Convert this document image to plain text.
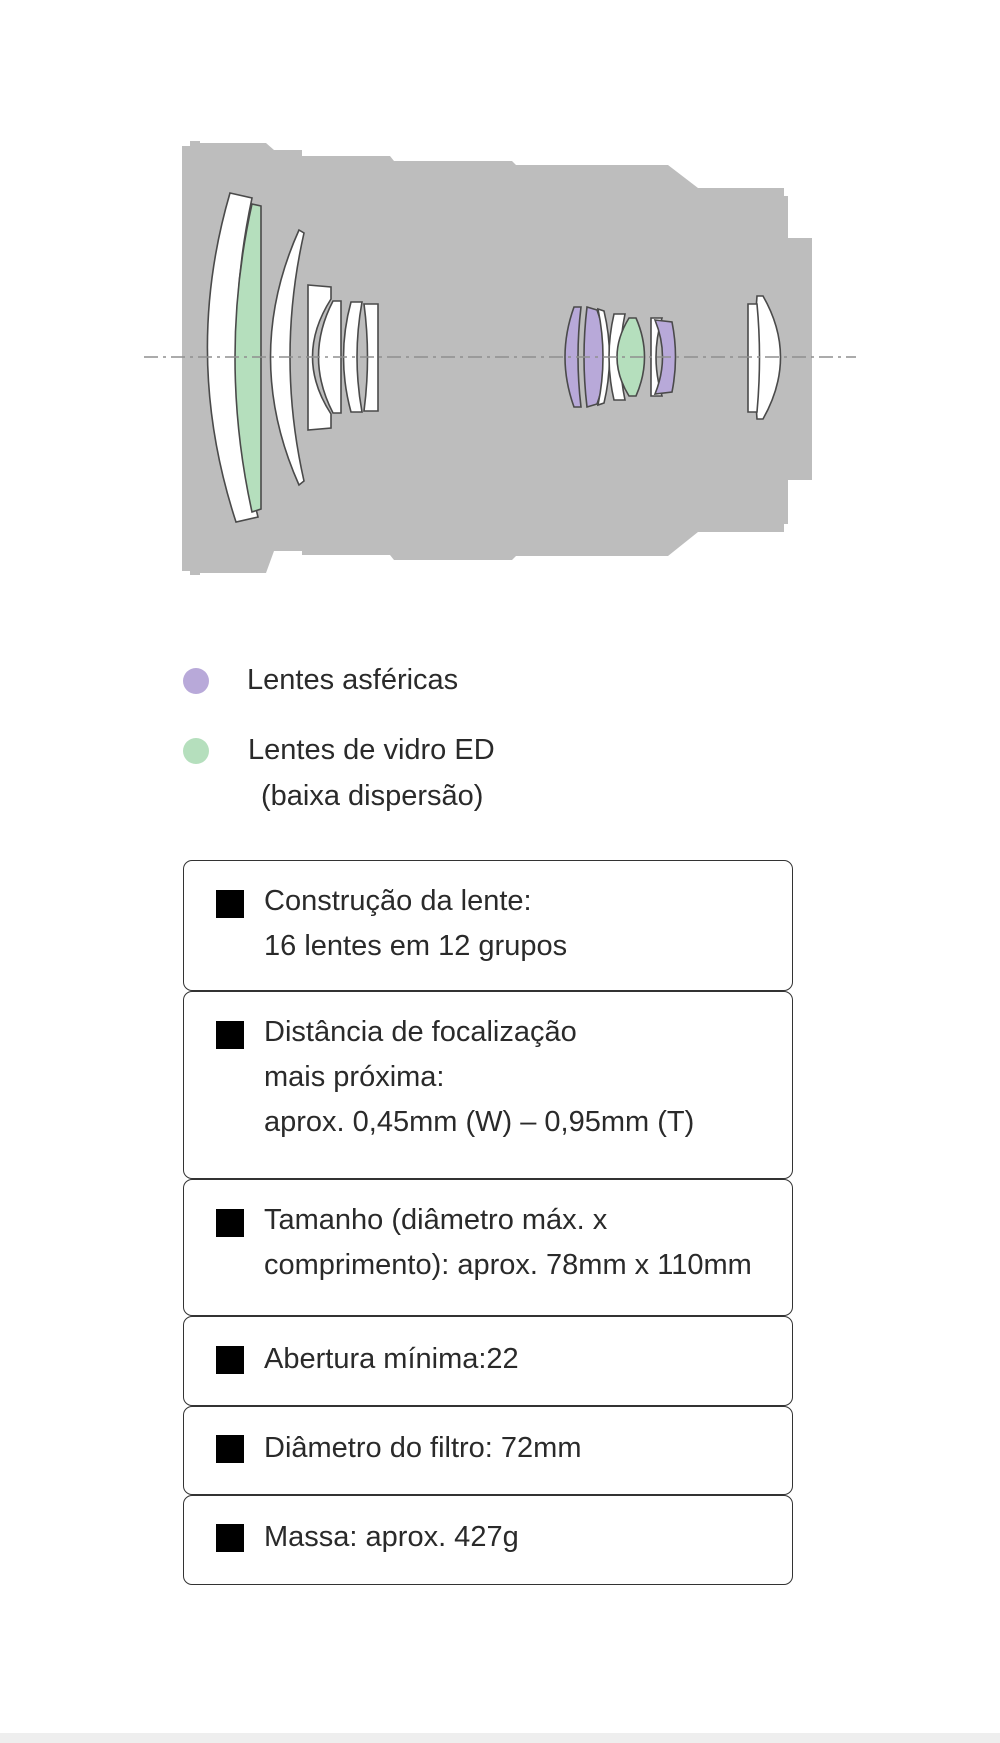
Lentes asféricas
Lentes de vidro ED
(baixa dispersão)
Construção da lente:
16 lentes em 12 grupos
Distância de focalização
mais próxima:
aprox. 0,45mm (W) – 0,95mm (T)
Tamanho (diâmetro máx. x
comprimento): aprox. 78mm x 110mm
Abertura mínima:22
Diâmetro do filtro: 72mm
Massa: aprox. 427g
